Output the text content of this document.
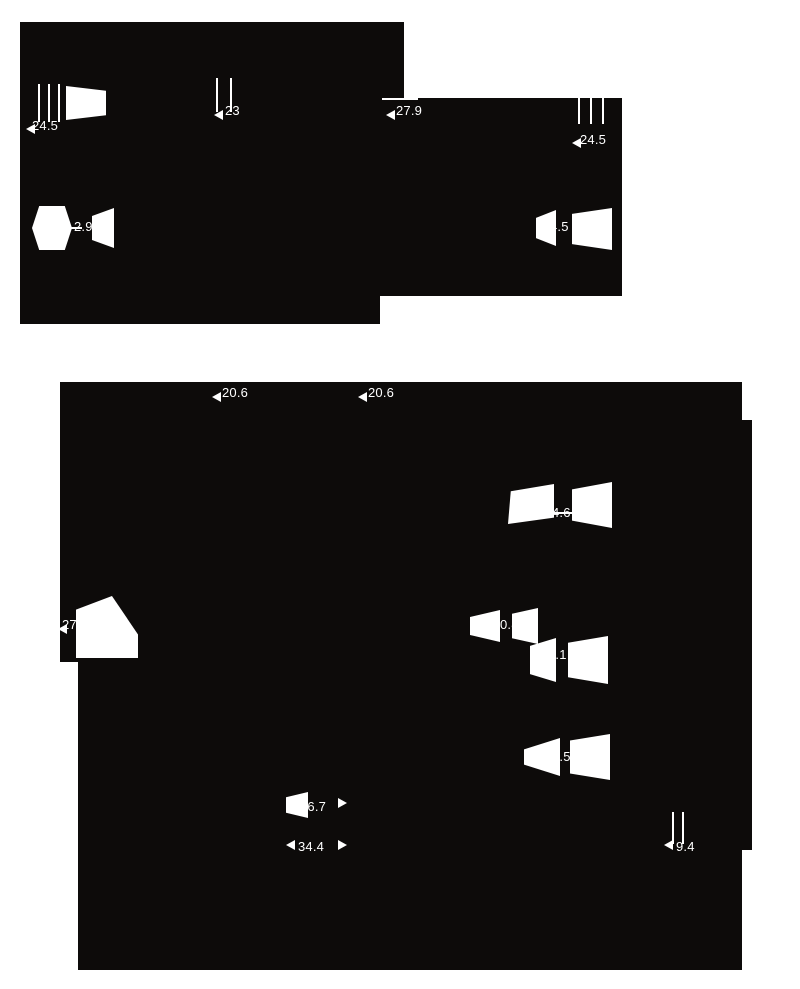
24.5
23	27.9
24.5
2.9	4.5
20.6	20.6
4.6
27.9	0.8
9.1
8.5
26.7
34.4	9.4
